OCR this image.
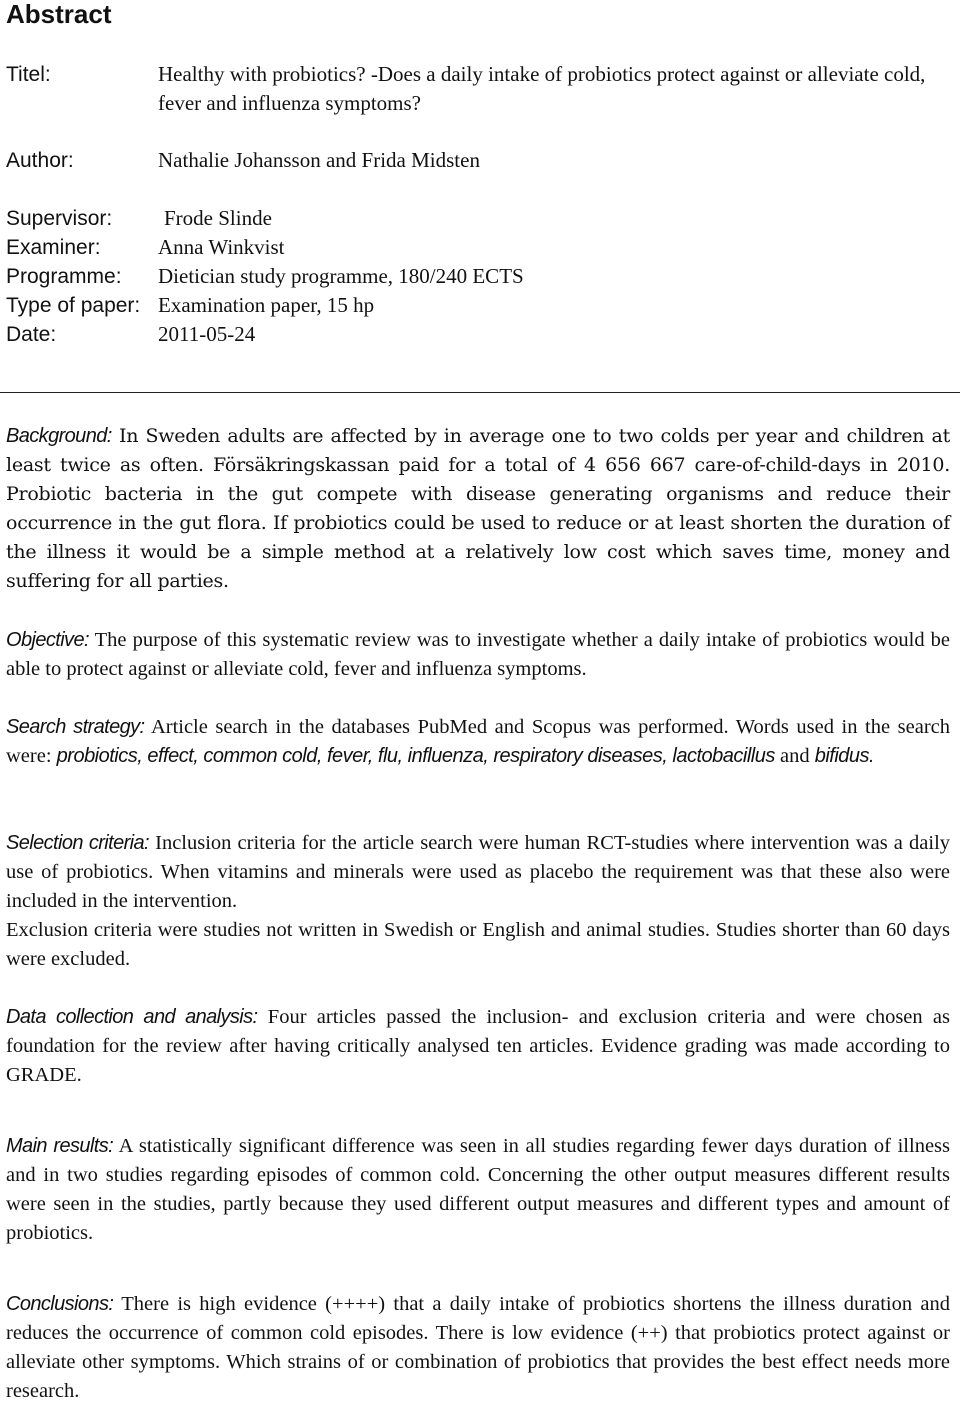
Abstract
Titel:	Healthy with probiotics? -Does a daily intake of probiotics protect against or alleviate cold, fever and influenza symptoms?
Author:	Nathalie Johansson and Frida Midsten
Supervisor:	Frode Slinde
Examiner:	Anna Winkvist
Programme:	Dietician study programme, 180/240 ECTS
Type of paper: Examination paper, 15 hp
Date:	2011-05-24

Background: In Sweden adults are affected by in average one to two colds per year and children at least twice as often. Försäkringskassan paid for a total of 4 656 667 care-of-child-days in 2010. Probiotic bacteria in the gut compete with disease generating organisms and reduce their occurrence in the gut flora. If probiotics could be used to reduce or at least shorten the duration of the illness it would be a simple method at a relatively low cost which saves time, money and suffering for all parties.

Objective: The purpose of this systematic review was to investigate whether a daily intake of probiotics would be able to protect against or alleviate cold, fever and influenza symptoms.

Search strategy: Article search in the databases PubMed and Scopus was performed. Words used in the search were: probiotics, effect, common cold, fever, flu, influenza, respiratory diseases, lactobacillus and bifidus.

Selection criteria: Inclusion criteria for the article search were human RCT-studies where intervention was a daily use of probiotics. When vitamins and minerals were used as placebo the requirement was that these also were included in the intervention.
Exclusion criteria were studies not written in Swedish or English and animal studies. Studies shorter than 60 days were excluded.

Data collection and analysis: Four articles passed the inclusion- and exclusion criteria and were chosen as foundation for the review after having critically analysed ten articles. Evidence grading was made according to GRADE.

Main results: A statistically significant difference was seen in all studies regarding fewer days duration of illness and in two studies regarding episodes of common cold. Concerning the other output measures different results were seen in the studies, partly because they used different output measures and different types and amount of probiotics.

Conclusions: There is high evidence (++++) that a daily intake of probiotics shortens the illness duration and reduces the occurrence of common cold episodes. There is low evidence (++) that probiotics protect against or alleviate other symptoms. Which strains of or combination of probiotics that provides the best effect needs more research.
